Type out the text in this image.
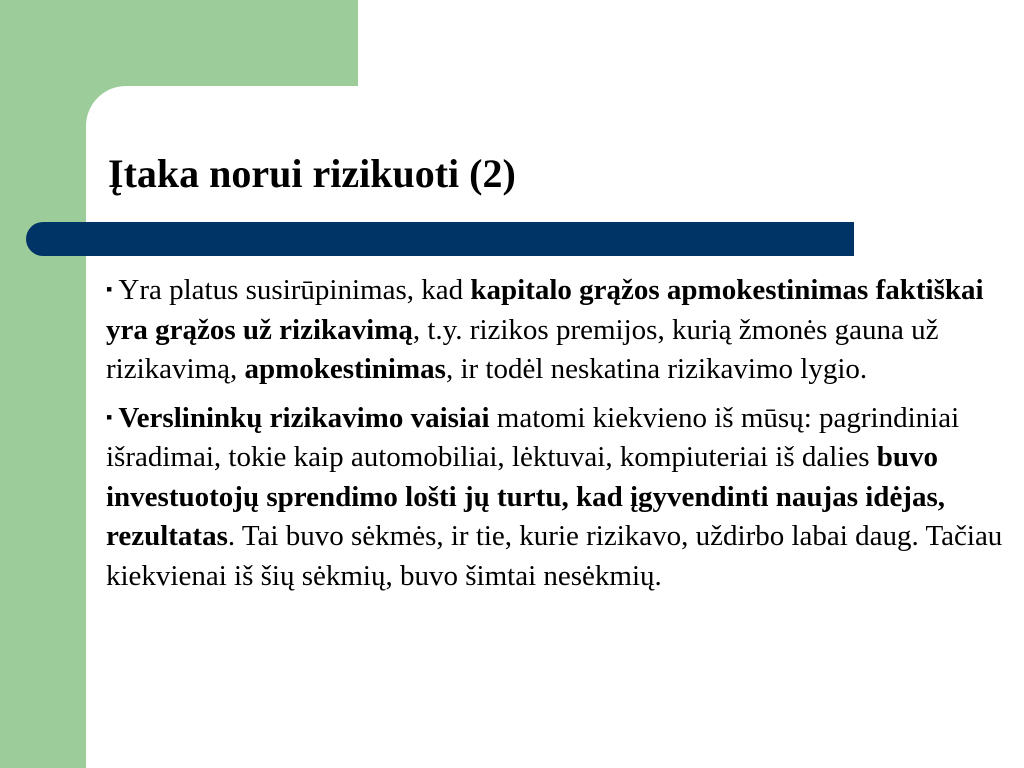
Įtaka norui rizikuoti (2)

▪ Yra platus susirūpinimas, kad kapitalo grąžos apmokestinimas faktiškai yra grąžos už rizikavimą, t.y. rizikos premijos, kurią žmonės gauna už rizikavimą, apmokestinimas, ir todėl neskatina rizikavimo lygio.

▪ Verslininkų rizikavimo vaisiai matomi kiekvieno iš mūsų: pagrindiniai išradimai, tokie kaip automobiliai, lėktuvai, kompiuteriai iš dalies buvo investuotojų sprendimo lošti jų turtu, kad įgyvendinti naujas idėjas, rezultatas. Tai buvo sėkmės, ir tie, kurie rizikavo, uždirbo labai daug. Tačiau kiekvienai iš šių sėkmių, buvo šimtai nesėkmių.
